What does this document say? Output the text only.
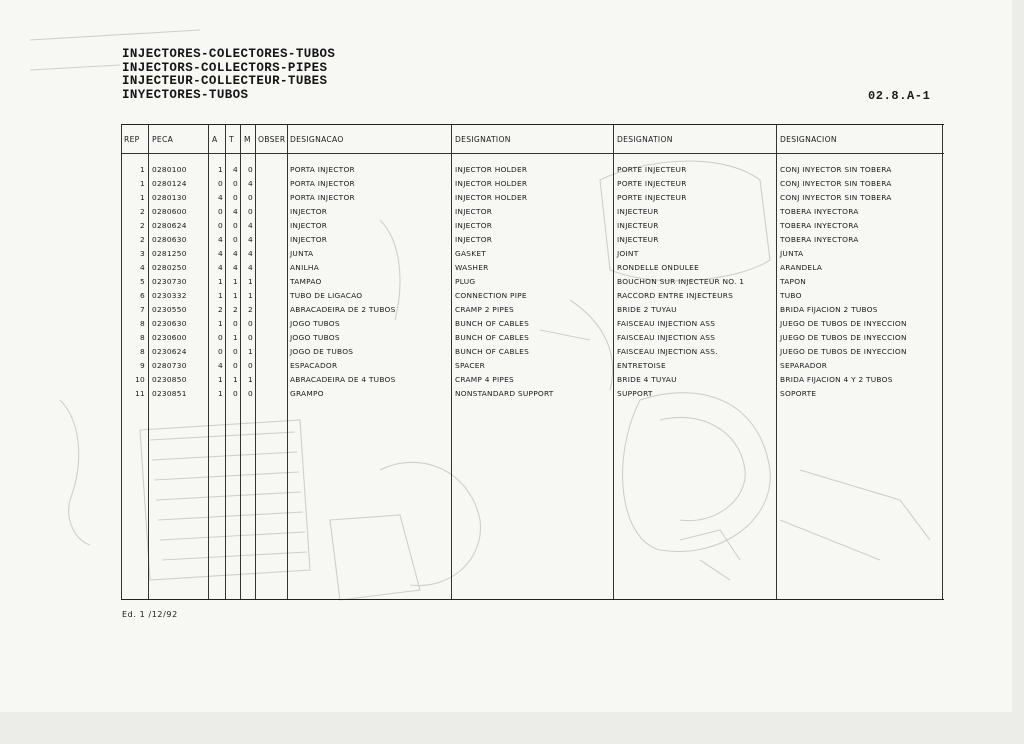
INJECTORES-COLECTORES-TUBOS
INJECTORS-COLLECTORS-PIPES
INJECTEUR-COLLECTEUR-TUBES
INYECTORES-TUBOS	02.8.A-1
REP PECA	A T M OBSER DESIGNACAO	DESIGNATION	DESIGNATION	DESIGNACION
1 0280100	1	4	0	PORTA INJECTOR	INJECTOR HOLDER	PORTE INJECTEUR	CONJ INYECTOR SIN TOBERA
1 0280124	0	0	4	PORTA INJECTOR	INJECTOR HOLDER	PORTE INJECTEUR	CONJ INYECTOR SIN TOBERA
1 0280130	4	0	0	PORTA INJECTOR	INJECTOR HOLDER	PORTE INJECTEUR	CONJ INYECTOR SIN TOBERA
2 0280600	0	4	0	INJECTOR	INJECTOR	INJECTEUR	TOBERA INYECTORA
2 0280624	0	0	4	INJECTOR	INJECTOR	INJECTEUR	TOBERA INYECTORA
2 0280630	4	0	4	INJECTOR	INJECTOR	INJECTEUR	TOBERA INYECTORA
3 0281250	4	4	4	JUNTA	GASKET	JOINT	JUNTA
4 0280250	4	4	4	ANILHA	WASHER	RONDELLE ONDULEE	ARANDELA
5 0230730	1	1	1	TAMPAO	PLUG	BOUCHON SUR INJECTEUR NO. 1	TAPON
6 0230332	1	1	1	TUBO DE LIGACAO	CONNECTION PIPE	RACCORD ENTRE INJECTEURS	TUBO
7 0230550	2	2	2	ABRACADEIRA DE 2 TUBOS	CRAMP 2 PIPES	BRIDE 2 TUYAU	BRIDA FIJACION 2 TUBOS
8 0230630	1	0	0	JOGO TUBOS	BUNCH OF CABLES	FAISCEAU INJECTION ASS	JUEGO DE TUBOS DE INYECCION
8 0230600	0	1	0	JOGO TUBOS	BUNCH OF CABLES	FAISCEAU INJECTION ASS	JUEGO DE TUBOS DE INYECCION
8 0230624	0	0	1	JOGO DE TUBOS	BUNCH OF CABLES	FAISCEAU INJECTION ASS.	JUEGO DE TUBOS DE INYECCION
9 0280730	4	0	0	ESPACADOR	SPACER	ENTRETOISE	SEPARADOR
10 0230850	1	1	1	ABRACADEIRA DE 4 TUBOS	CRAMP 4 PIPES	BRIDE 4 TUYAU	BRIDA FIJACION 4 Y 2 TUBOS
11 0230851	1	0	0	GRAMPO	NONSTANDARD SUPPORT	SUPPORT	SOPORTE
Ed. 1 /12/92
